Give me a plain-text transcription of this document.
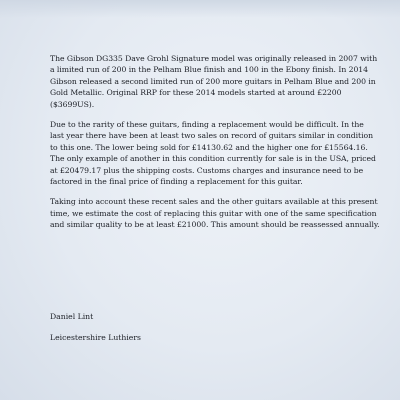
The Gibson DG335 Dave Grohl Signature model was originally released in 2007 with a limited run of 200 in the Pelham Blue finish and 100 in the Ebony finish. In 2014 Gibson released a second limited run of 200 more guitars in Pelham Blue and 200 in Gold Metallic. Original RRP for these 2014 models started at around £2200 ($3699US).

Due to the rarity of these guitars, finding a replacement would be difficult. In the last year there have been at least two sales on record of guitars similar in condition to this one. The lower being sold for £14130.62 and the higher one for £15564.16. The only example of another in this condition currently for sale is in the USA, priced at £20479.17 plus the shipping costs. Customs charges and insurance need to be factored in the final price of finding a replacement for this guitar.

Taking into account these recent sales and the other guitars available at this present time, we estimate the cost of replacing this guitar with one of the same specification and similar quality to be at least £21000. This amount should be reassessed annually.

Daniel Lint
Leicestershire Luthiers
